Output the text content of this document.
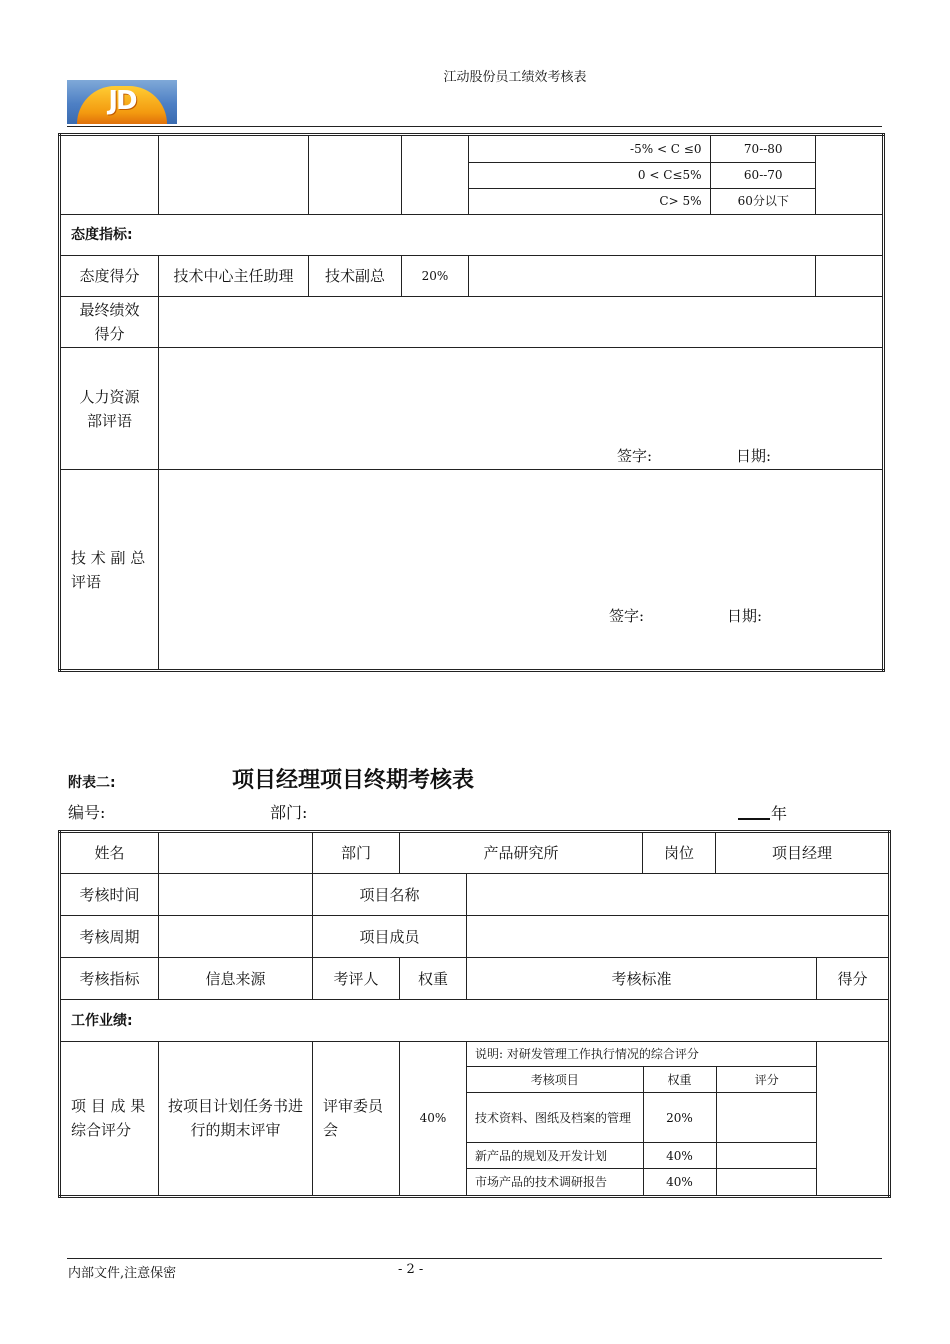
江动股份员工绩效考核表
JD

-5% < C ≤0	70--80
0 < C≤5%	60--70
C> 5%	60分以下

态度指标:
态度得分	技术中心主任助理	技术副总	20%		
最终绩效得分	
人力资源部评语	
签字:	日期:

技 术 副 总 评语	
签字:	日期:
附表二:	项目经理项目终期考核表
编号:	部门:	年
姓名		部门	产品研究所	岗位	项目经理
考核时间		项目名称	
考核周期		项目成员	
考核指标	信息来源	考评人	权重	考核标准	得分
工作业绩:
项 目 成 果 综合评分	按项目计划任务书进行的期末评审	评审委员会	40%	
说明: 对研发管理工作执行情况的综合评分
考核项目	权重	评分
技术资料、图纸及档案的管理	20%	
新产品的规划及开发计划	40%	
市场产品的技术调研报告	40%	

内部文件,注意保密	- 2 -
